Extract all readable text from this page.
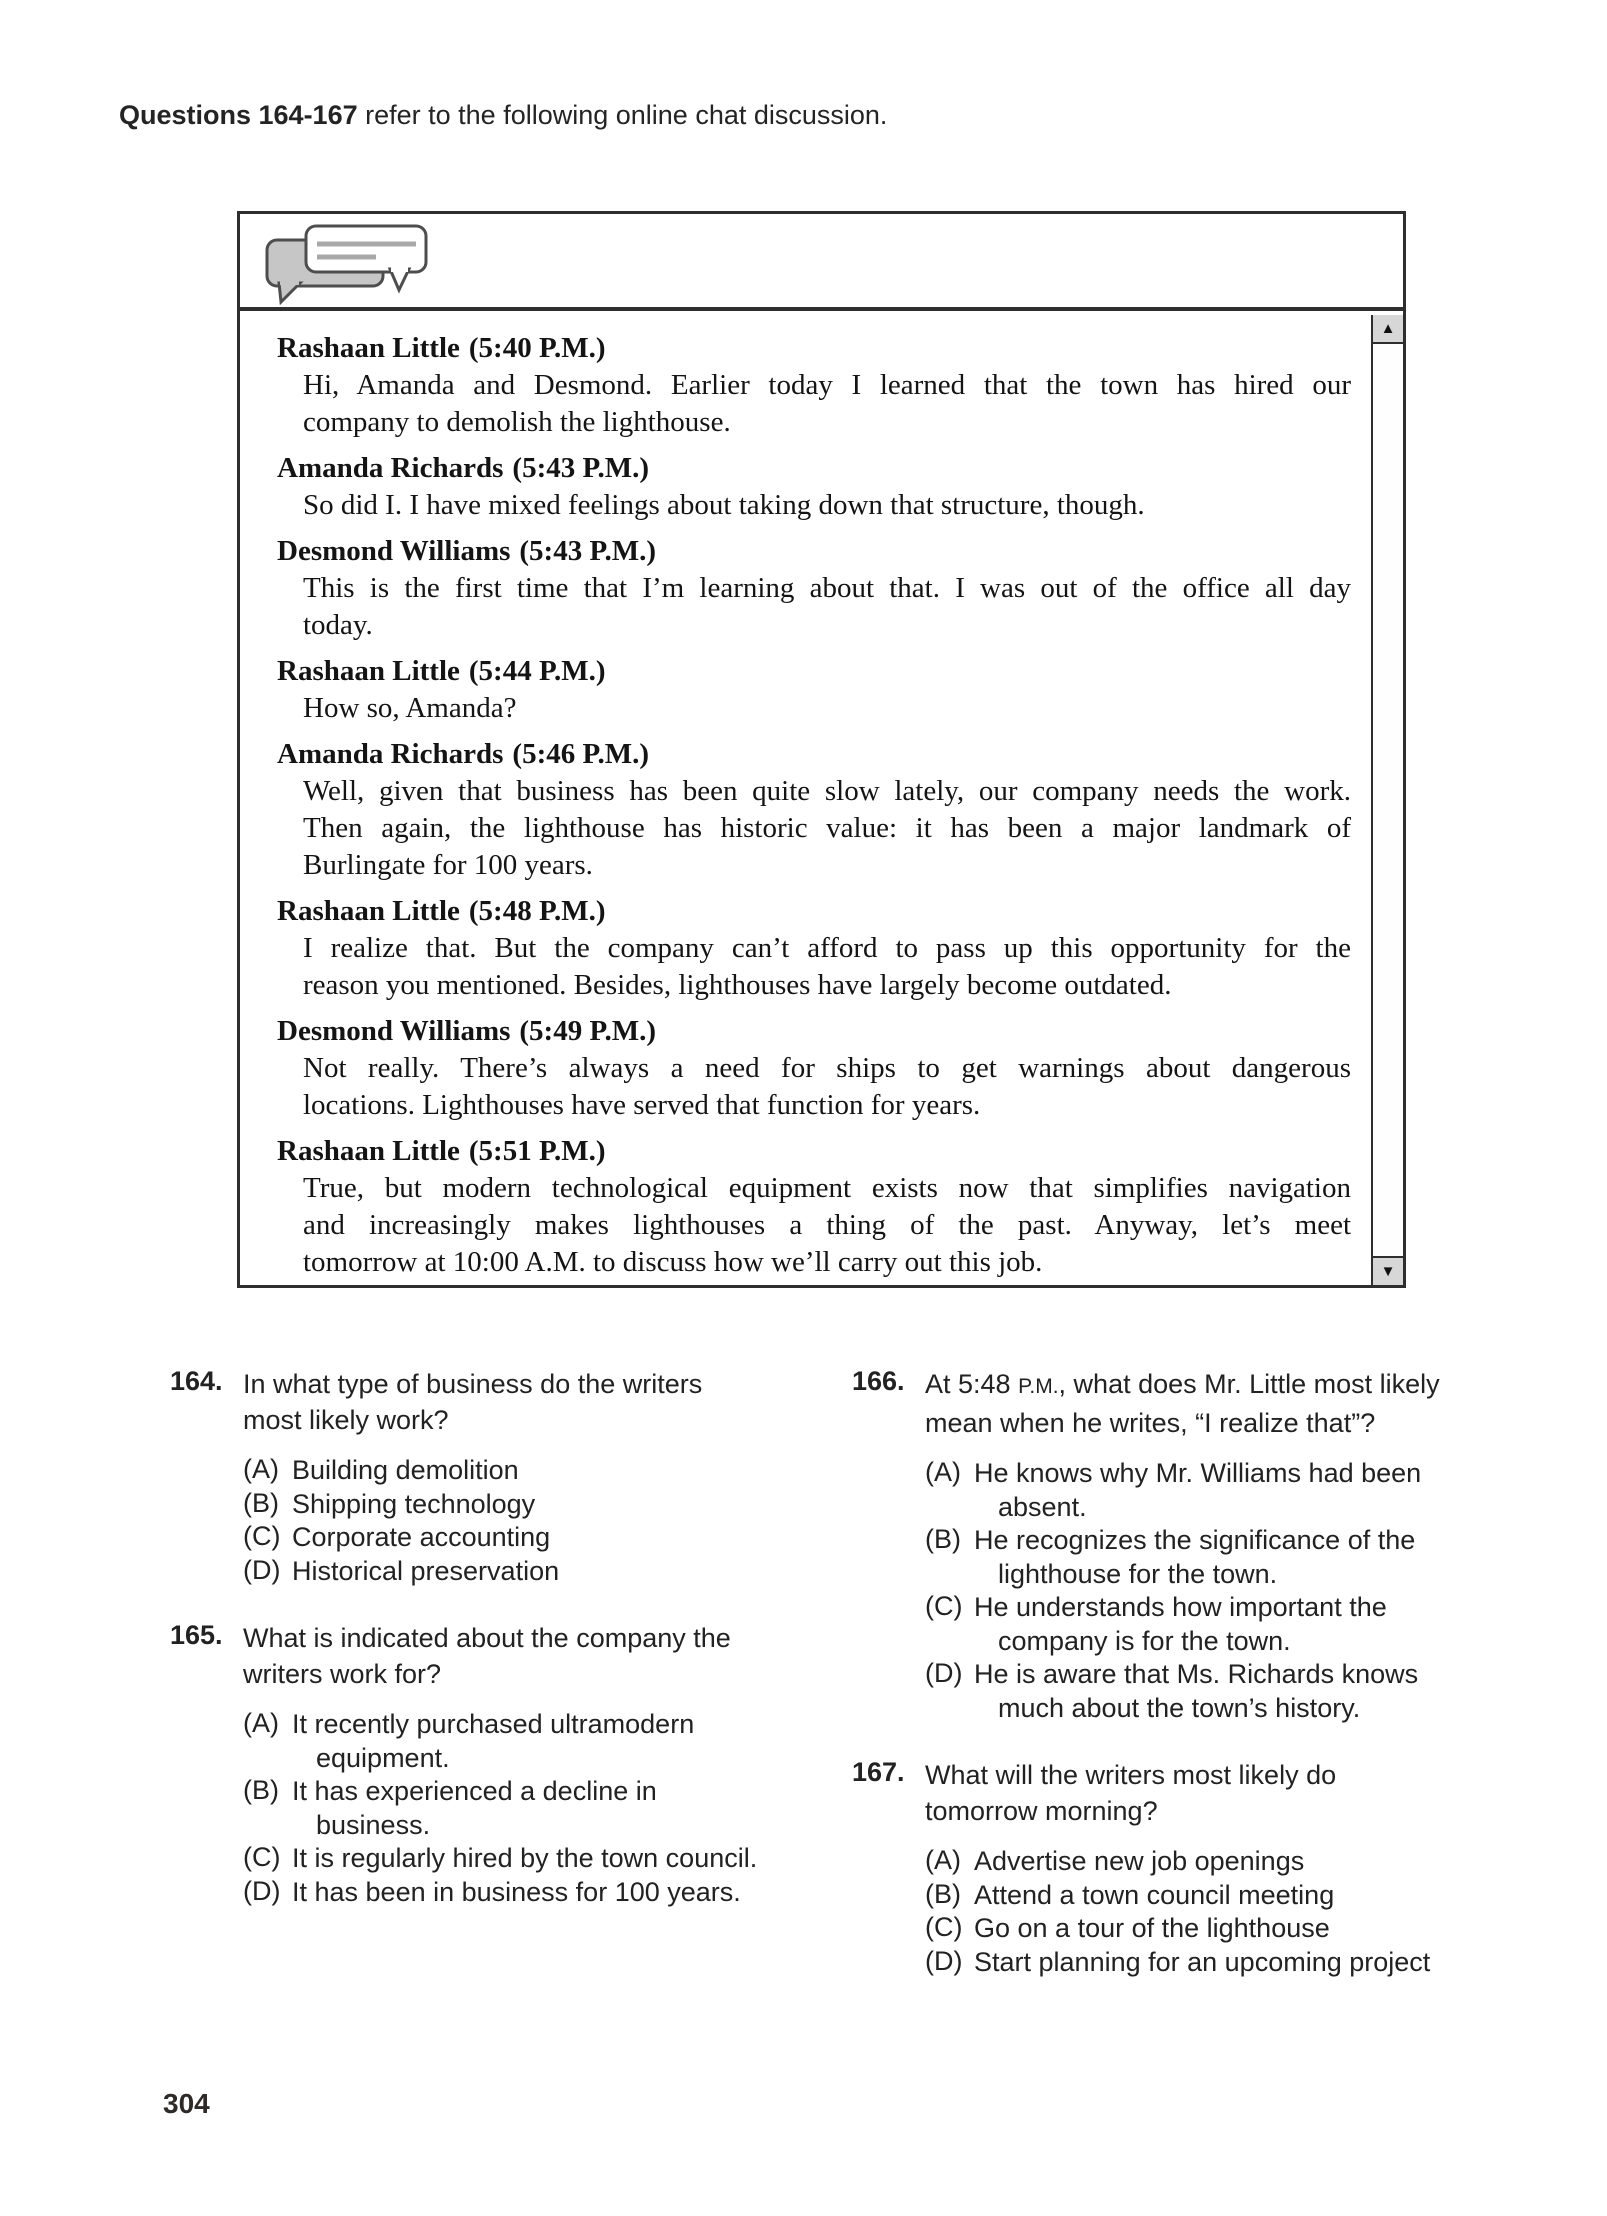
Questions 164-167 refer to the following online chat discussion.
Rashaan Little (5:40 P.M.)
Hi, Amanda and Desmond. Earlier today I learned that the town has hired our
company to demolish the lighthouse.
Amanda Richards (5:43 P.M.)
So did I. I have mixed feelings about taking down that structure, though.
Desmond Williams (5:43 P.M.)
This is the first time that I’m learning about that. I was out of the office all day
today.
Rashaan Little (5:44 P.M.)
How so, Amanda?
Amanda Richards (5:46 P.M.)
Well, given that business has been quite slow lately, our company needs the work.
Then again, the lighthouse has historic value: it has been a major landmark of
Burlingate for 100 years.
Rashaan Little (5:48 P.M.)
I realize that. But the company can’t afford to pass up this opportunity for the
reason you mentioned. Besides, lighthouses have largely become outdated.
Desmond Williams (5:49 P.M.)
Not really. There’s always a need for ships to get warnings about dangerous
locations. Lighthouses have served that function for years.
Rashaan Little (5:51 P.M.)
True, but modern technological equipment exists now that simplifies navigation
and increasingly makes lighthouses a thing of the past. Anyway, let’s meet
tomorrow at 10:00 A.M. to discuss how we’ll carry out this job.
▲
▼
164. In what type of business do the writers
most likely work?
(A) Building demolition
(B) Shipping technology
(C) Corporate accounting
(D) Historical preservation
165. What is indicated about the company the
writers work for?
(A) It recently purchased ultramodern
equipment.
(B) It has experienced a decline in
business.
(C) It is regularly hired by the town council.
(D) It has been in business for 100 years.
166. At 5:48 P.M., what does Mr. Little most likely
mean when he writes, “I realize that”?
(A) He knows why Mr. Williams had been
absent.
(B) He recognizes the significance of the
lighthouse for the town.
(C) He understands how important the
company is for the town.
(D) He is aware that Ms. Richards knows
much about the town’s history.
167. What will the writers most likely do
tomorrow morning?
(A) Advertise new job openings
(B) Attend a town council meeting
(C) Go on a tour of the lighthouse
(D) Start planning for an upcoming project
304
